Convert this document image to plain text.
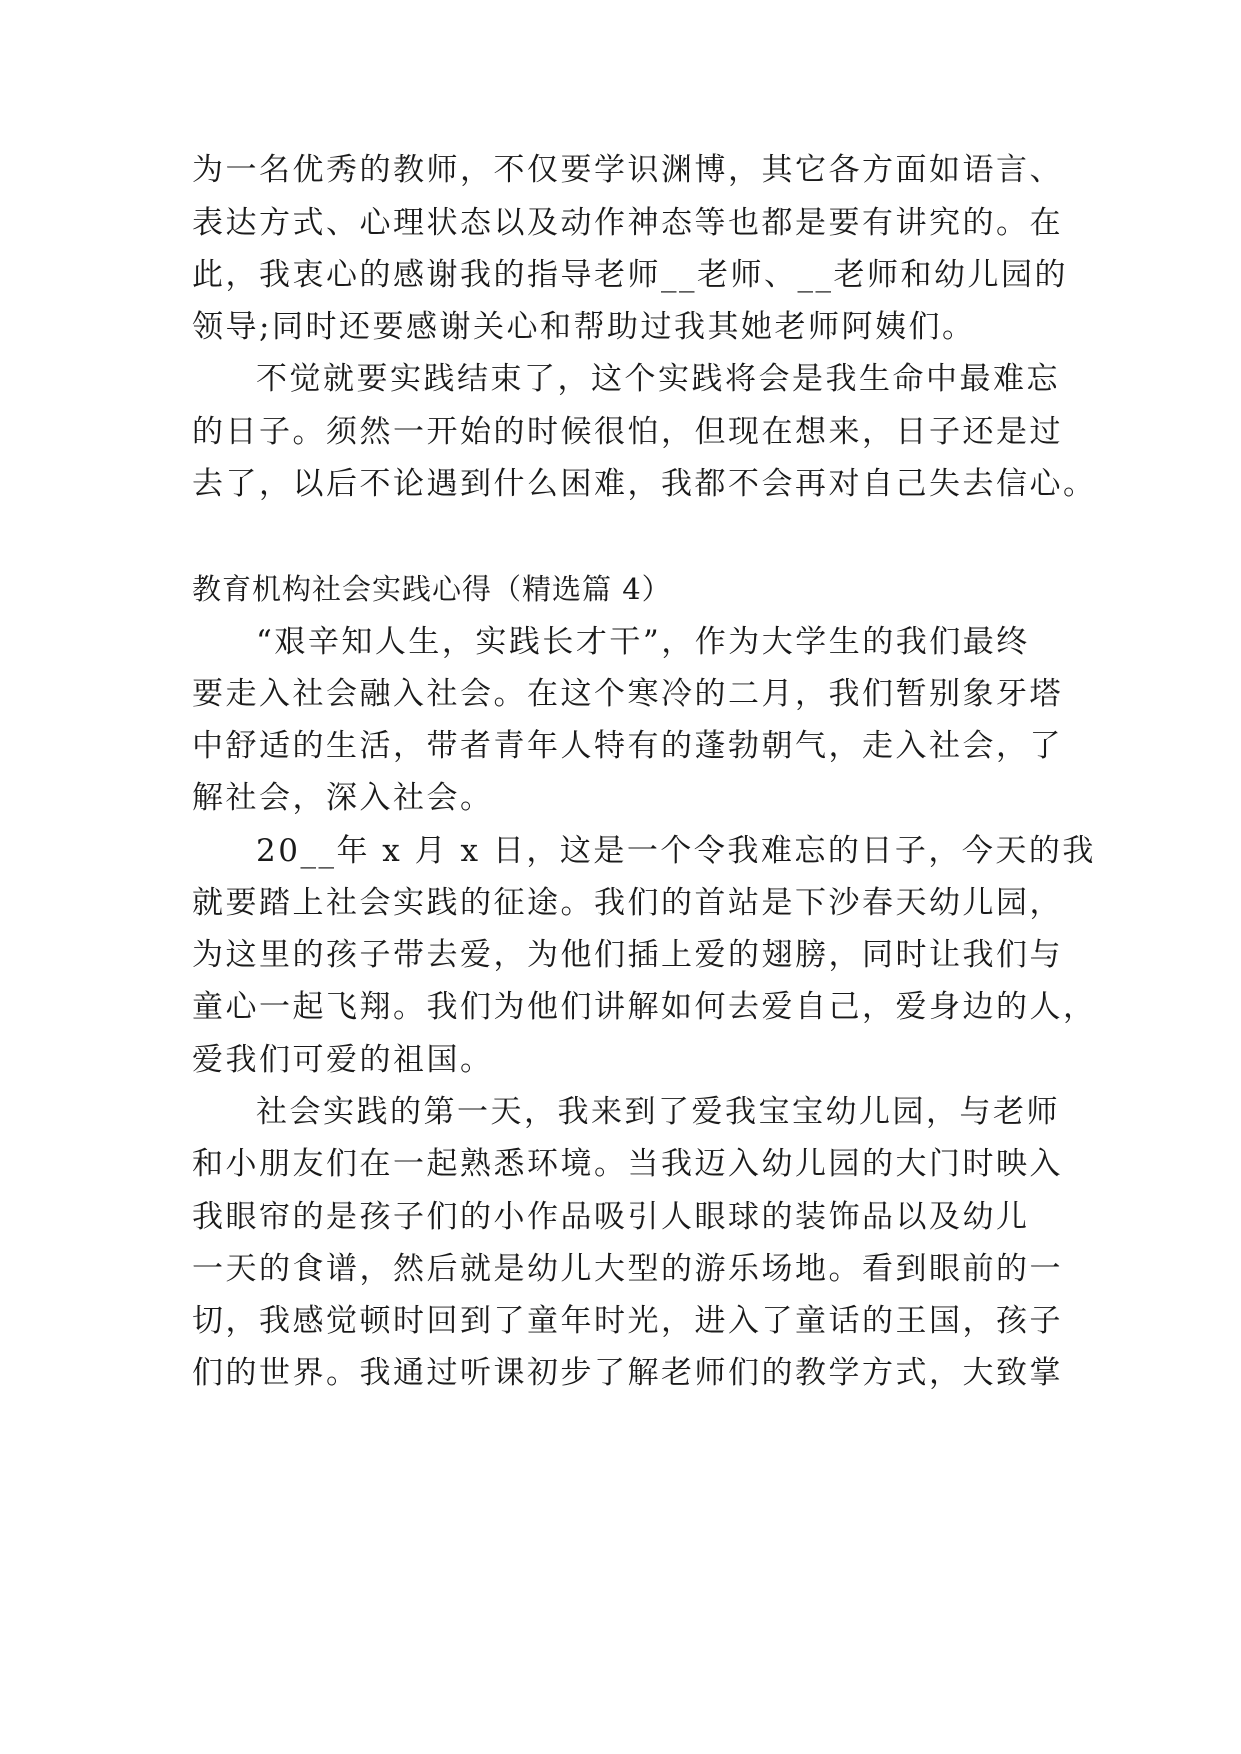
为一名优秀的教师，不仅要学识渊博，其它各方面如语言、
表达方式、心理状态以及动作神态等也都是要有讲究的。在
此，我衷心的感谢我的指导老师__老师、__老师和幼儿园的
领导;同时还要感谢关心和帮助过我其她老师阿姨们。
不觉就要实践结束了，这个实践将会是我生命中最难忘
的日子。须然一开始的时候很怕，但现在想来，日子还是过
去了，以后不论遇到什么困难，我都不会再对自己失去信心。
教育机构社会实践心得（精选篇 4）
“艰辛知人生，实践长才干”，作为大学生的我们最终
要走入社会融入社会。在这个寒冷的二月，我们暂别象牙塔
中舒适的生活，带者青年人特有的蓬勃朝气，走入社会，了
解社会，深入社会。
20__年 x 月 x 日，这是一个令我难忘的日子，今天的我
就要踏上社会实践的征途。我们的首站是下沙春天幼儿园，
为这里的孩子带去爱，为他们插上爱的翅膀，同时让我们与
童心一起飞翔。我们为他们讲解如何去爱自己，爱身边的人，
爱我们可爱的祖国。
社会实践的第一天，我来到了爱我宝宝幼儿园，与老师
和小朋友们在一起熟悉环境。当我迈入幼儿园的大门时映入
我眼帘的是孩子们的小作品吸引人眼球的装饰品以及幼儿
一天的食谱，然后就是幼儿大型的游乐场地。看到眼前的一
切，我感觉顿时回到了童年时光，进入了童话的王国，孩子
们的世界。我通过听课初步了解老师们的教学方式，大致掌
